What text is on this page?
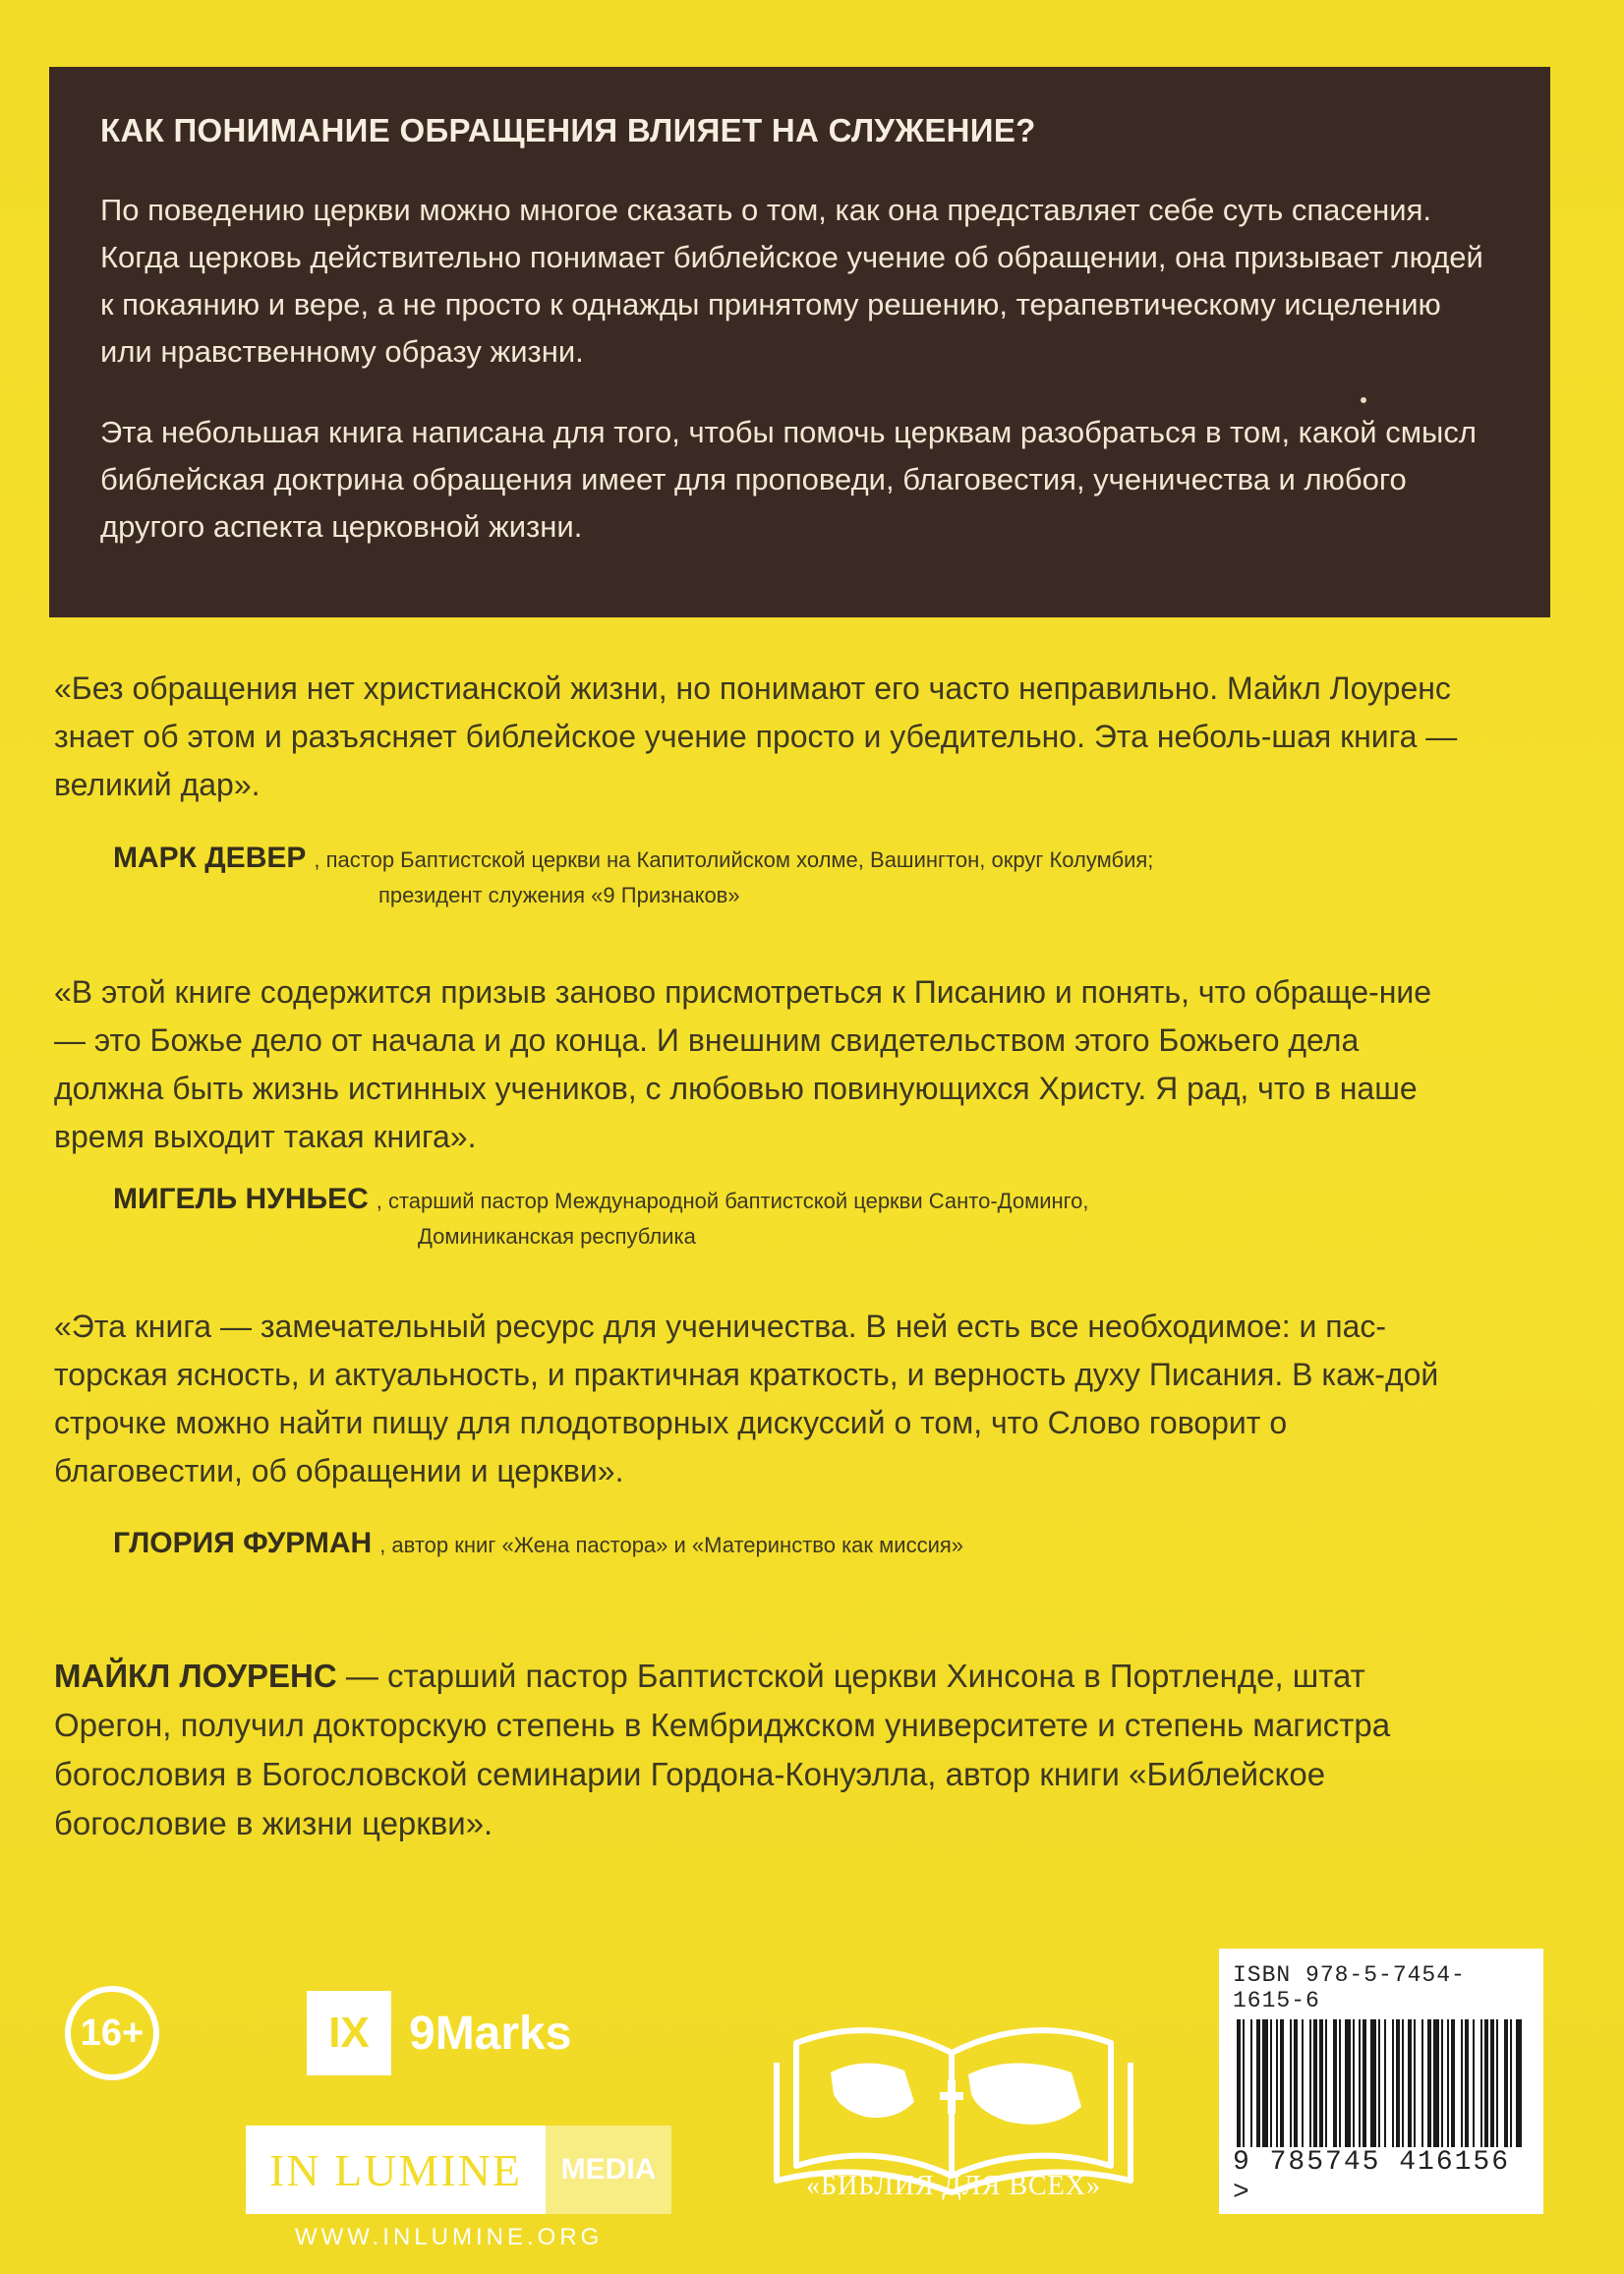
КАК ПОНИМАНИЕ ОБРАЩЕНИЯ ВЛИЯЕТ НА СЛУЖЕНИЕ?

По поведению церкви можно многое сказать о том, как она представляет себе суть спасения. Когда церковь действительно понимает библейское учение об обращении, она призывает людей к покаянию и вере, а не просто к однажды принятому решению, терапевтическому исцелению или нравственному образу жизни.

Эта небольшая книга написана для того, чтобы помочь церквам разобраться в том, какой смысл библейская доктрина обращения имеет для проповеди, благовестия, ученичества и любого другого аспекта церковной жизни.

«Без обращения нет христианской жизни, но понимают его часто неправильно. Майкл Лоуренс знает об этом и разъясняет библейское учение просто и убедительно. Эта неболь-шая книга — великий дар».
МАРК ДЕВЕР , пастор Баптистской церкви на Капитолийском холме, Вашингтон, округ Колумбия;
президент служения «9 Признаков»
«В этой книге содержится призыв заново присмотреться к Писанию и понять, что обраще-ние — это Божье дело от начала и до конца. И внешним свидетельством этого Божьего дела должна быть жизнь истинных учеников, с любовью повинующихся Христу. Я рад, что в наше время выходит такая книга».
МИГЕЛЬ НУНЬЕС , старший пастор Международной баптистской церкви Санто-Доминго,
Доминиканская республика
«Эта книга — замечательный ресурс для ученичества. В ней есть все необходимое: и пас-торская ясность, и актуальность, и практичная краткость, и верность духу Писания. В каж-дой строчке можно найти пищу для плодотворных дискуссий о том, что Слово говорит о благовестии, об обращении и церкви».
ГЛОРИЯ ФУРМАН , автор книг «Жена пастора» и «Материнство как миссия»
МАЙКЛ ЛОУРЕНС — старший пастор Баптистской церкви Хинсона в Портленде, штат Орегон, получил докторскую степень в Кембриджском университете и степень магистра богословия в Богословской семинарии Гордона-Конуэлла, автор книги «Библейское богословие в жизни церкви».
16+	IX 9Marks
IN LUMINE	MEDIA
WWW.INLUMINE.ORG
«БИБЛИЯ ДЛЯ ВСЕХ»
ISBN 978-5-7454-1615-6
9 785745 416156 >
